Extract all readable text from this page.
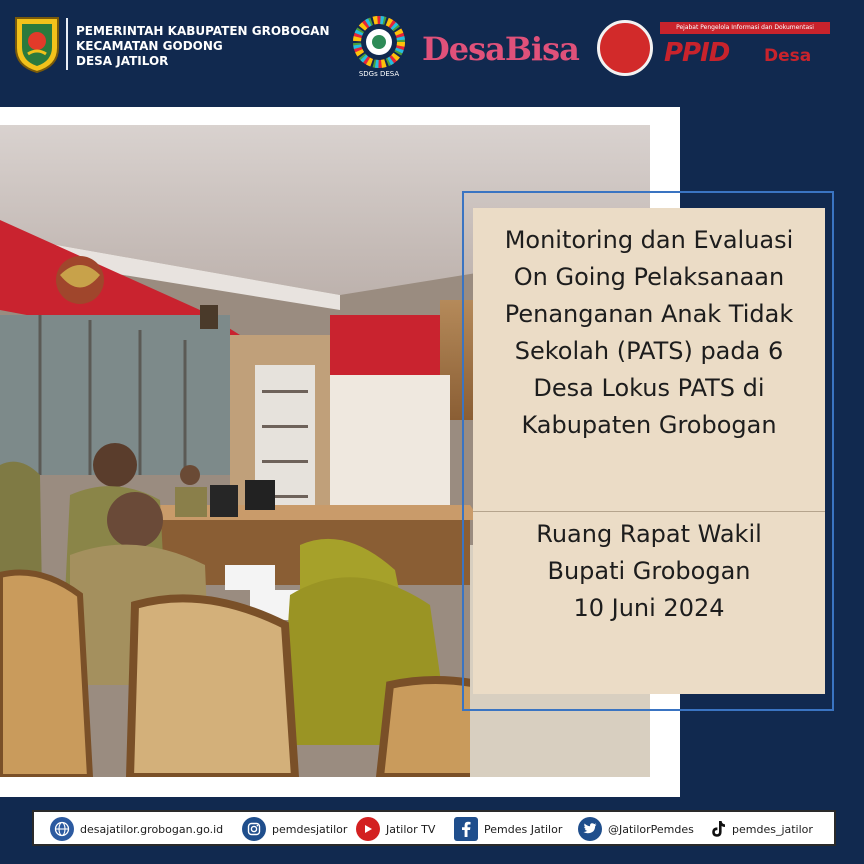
PEMERINTAH KABUPATEN GROBOGAN
KECAMATAN GODONG
DESA JATILOR
SDGs DESA
DesaBisa
Pejabat Pengelola Informasi dan Dokumentasi
PPID Desa
Monitoring dan Evaluasi
On Going Pelaksanaan
Penanganan Anak Tidak
Sekolah (PATS) pada 6
Desa Lokus PATS di
Kabupaten Grobogan
Ruang Rapat Wakil
Bupati Grobogan
10 Juni 2024
desajatilor.grobogan.go.id	pemdesjatilor	Jatilor TV	Pemdes Jatilor	@JatilorPemdes	pemdes_jatilor
